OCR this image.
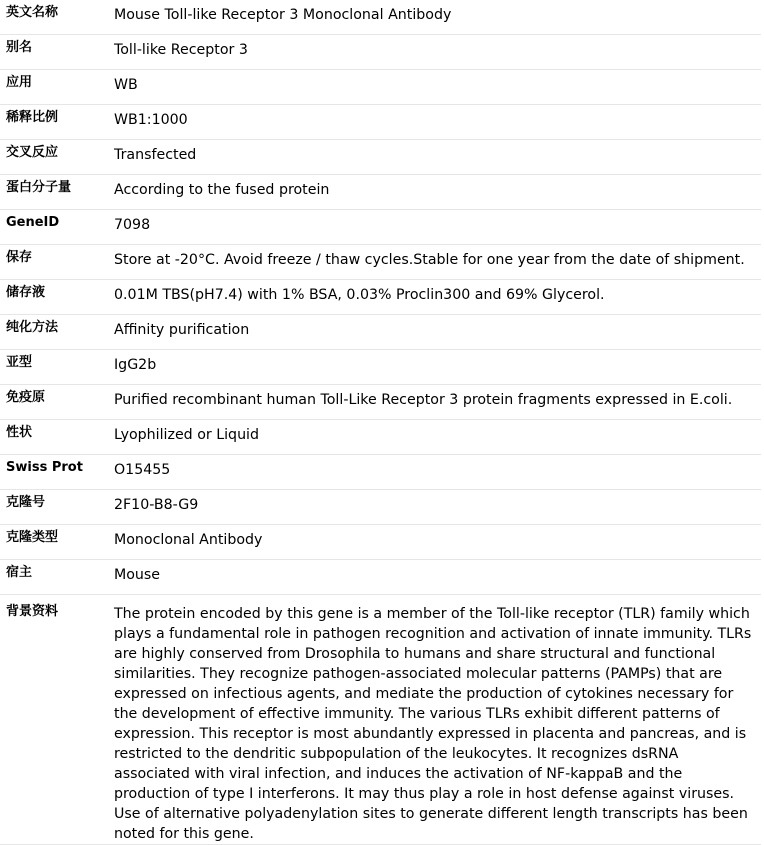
英文名称	Mouse Toll-like Receptor 3 Monoclonal Antibody
别名	Toll-like Receptor 3
应用	WB
稀释比例	WB1:1000
交叉反应	Transfected
蛋白分子量	According to the fused protein
GeneID	7098
保存	Store at -20°C. Avoid freeze / thaw cycles.Stable for one year from the date of shipment.
储存液	0.01M TBS(pH7.4) with 1% BSA, 0.03% Proclin300 and 69% Glycerol.
纯化方法	Affinity purification
亚型	IgG2b
免疫原	Purified recombinant human Toll-Like Receptor 3 protein fragments expressed in E.coli.
性状	Lyophilized or Liquid
Swiss Prot	O15455
克隆号	2F10-B8-G9
克隆类型	Monoclonal Antibody
宿主	Mouse
背景资料	The protein encoded by this gene is a member of the Toll-like receptor (TLR) family which plays a fundamental role in pathogen recognition and activation of innate immunity. TLRs are highly conserved from Drosophila to humans and share structural and functional similarities. They recognize pathogen-associated molecular patterns (PAMPs) that are expressed on infectious agents, and mediate the production of cytokines necessary for the development of effective immunity. The various TLRs exhibit different patterns of expression. This receptor is most abundantly expressed in placenta and pancreas, and is restricted to the dendritic subpopulation of the leukocytes. It recognizes dsRNA associated with viral infection, and induces the activation of NF-kappaB and the production of type I interferons. It may thus play a role in host defense against viruses. Use of alternative polyadenylation sites to generate different length transcripts has been noted for this gene.
